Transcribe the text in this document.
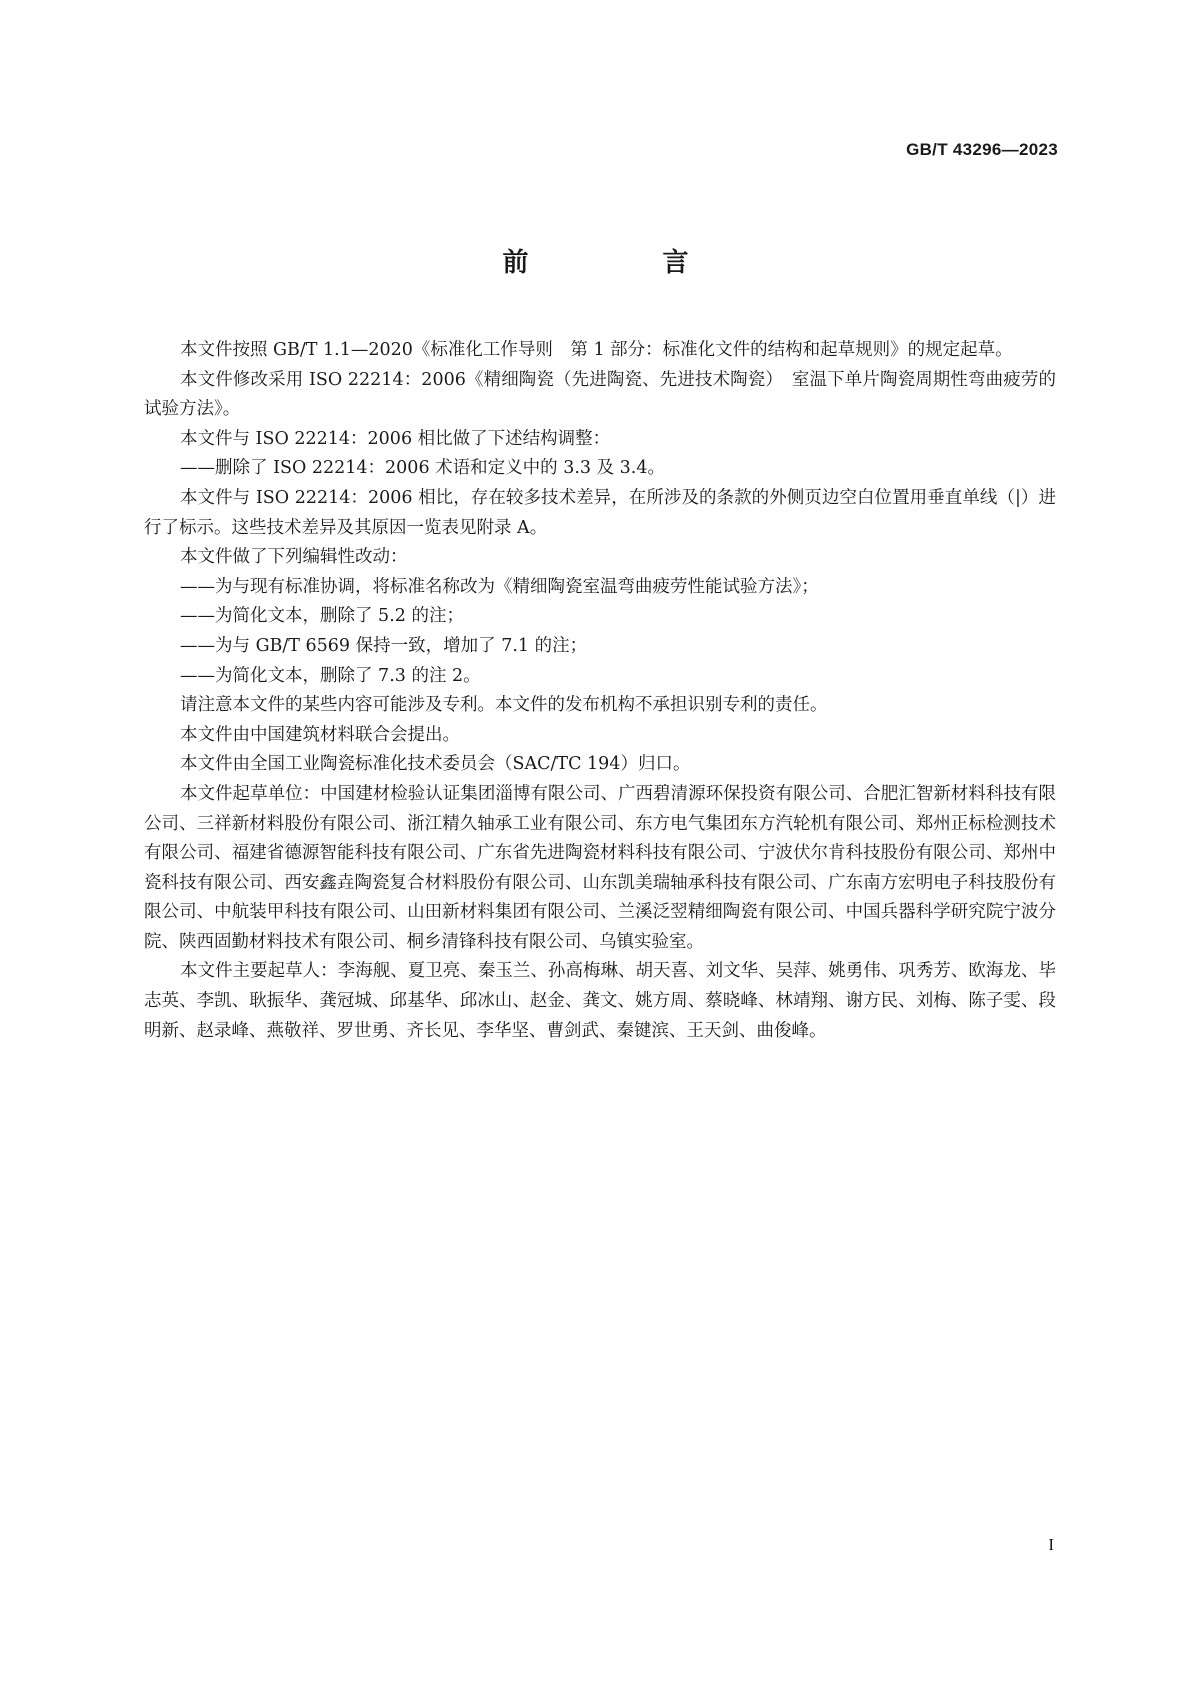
GB/T 43296—2023
前　言

本文件按照 GB/T 1.1—2020《标准化工作导则　第 1 部分：标准化文件的结构和起草规则》的规定起草。

本文件修改采用 ISO 22214：2006《精细陶瓷（先进陶瓷、先进技术陶瓷）　室温下单片陶瓷周期性弯曲疲劳的试验方法》。

本文件与 ISO 22214：2006 相比做了下述结构调整：

——删除了 ISO 22214：2006 术语和定义中的 3.3 及 3.4。

本文件与 ISO 22214：2006 相比，存在较多技术差异，在所涉及的条款的外侧页边空白位置用垂直单线（|）进行了标示。这些技术差异及其原因一览表见附录 A。

本文件做了下列编辑性改动：

——为与现有标准协调，将标准名称改为《精细陶瓷室温弯曲疲劳性能试验方法》；

——为简化文本，删除了 5.2 的注；

——为与 GB/T 6569 保持一致，增加了 7.1 的注；

——为简化文本，删除了 7.3 的注 2。

请注意本文件的某些内容可能涉及专利。本文件的发布机构不承担识别专利的责任。

本文件由中国建筑材料联合会提出。

本文件由全国工业陶瓷标准化技术委员会（SAC/TC 194）归口。

本文件起草单位：中国建材检验认证集团淄博有限公司、广西碧清源环保投资有限公司、合肥汇智新材料科技有限公司、三祥新材料股份有限公司、浙江精久轴承工业有限公司、东方电气集团东方汽轮机有限公司、郑州正标检测技术有限公司、福建省德源智能科技有限公司、广东省先进陶瓷材料科技有限公司、宁波伏尔肯科技股份有限公司、郑州中瓷科技有限公司、西安鑫垚陶瓷复合材料股份有限公司、山东凯美瑞轴承科技有限公司、广东南方宏明电子科技股份有限公司、中航装甲科技有限公司、山田新材料集团有限公司、兰溪泛翌精细陶瓷有限公司、中国兵器科学研究院宁波分院、陕西固勤材料技术有限公司、桐乡清锋科技有限公司、乌镇实验室。

本文件主要起草人：李海舰、夏卫亮、秦玉兰、孙高梅琳、胡天喜、刘文华、吴萍、姚勇伟、巩秀芳、欧海龙、毕志英、李凯、耿振华、龚冠城、邱基华、邱冰山、赵金、龚文、姚方周、蔡晓峰、林靖翔、谢方民、刘梅、陈子雯、段明新、赵录峰、燕敬祥、罗世勇、齐长见、李华坚、曹剑武、秦键滨、王天剑、曲俊峰。

I
